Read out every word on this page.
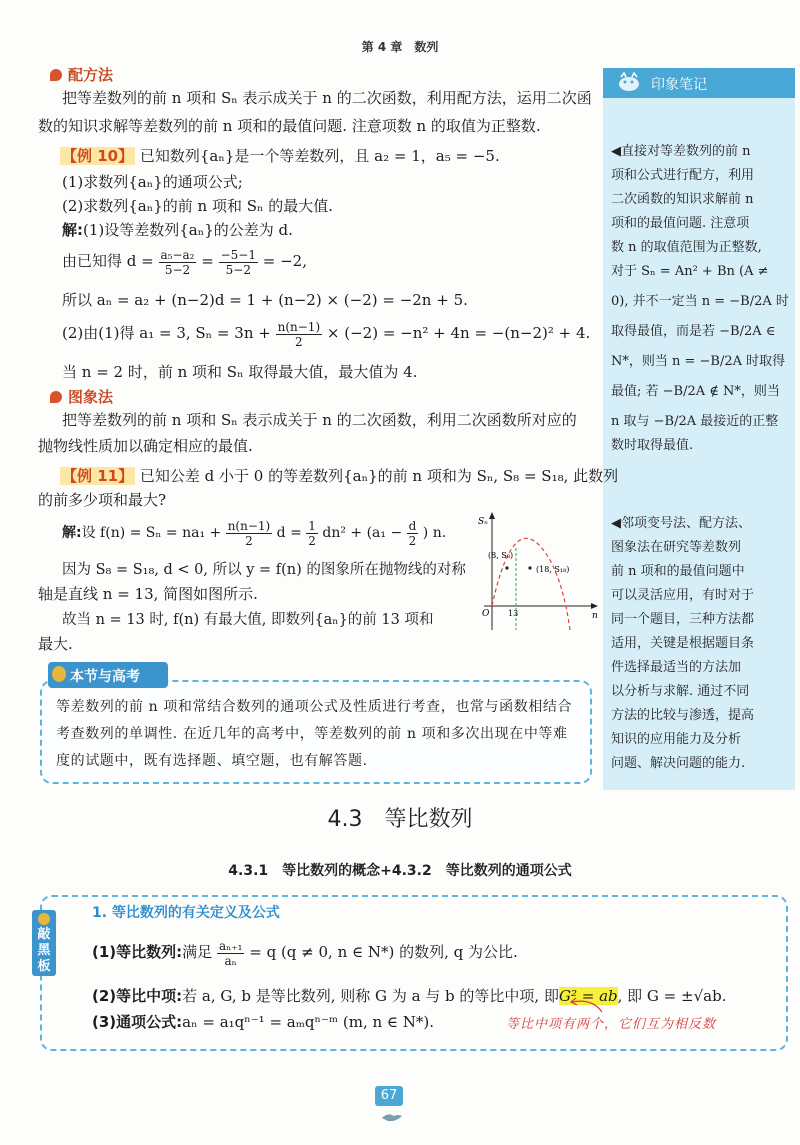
第 4 章　数列
印象笔记
◀直接对等差数列的前 n
项和公式进行配方，利用
二次函数的知识求解前 n
项和的最值问题. 注意项
数 n 的取值范围为正整数,
对于 Sₙ = An² + Bn (A ≠
0), 并不一定当 n = −B/2A 时
取得最值，而是若 −B/2A ∈
N*，则当 n = −B/2A 时取得
最值; 若 −B/2A ∉ N*，则当
n 取与 −B/2A 最接近的正整
数时取得最值.
◀邻项变号法、配方法、
图象法在研究等差数列
前 n 项和的最值问题中
可以灵活应用，有时对于
同一个题目，三种方法都
适用，关键是根据题目条
件选择最适当的方法加
以分析与求解. 通过不同
方法的比较与渗透，提高
知识的应用能力及分析
问题、解决问题的能力.
配方法
把等差数列的前 n 项和 Sₙ 表示成关于 n 的二次函数，利用配方法，运用二次函
数的知识求解等差数列的前 n 项和的最值问题. 注意项数 n 的取值为正整数.
【例 10】 已知数列{aₙ}是一个等差数列，且 a₂ = 1，a₅ = −5.
(1)求数列{aₙ}的通项公式;
(2)求数列{aₙ}的前 n 项和 Sₙ 的最大值.
解:(1)设等差数列{aₙ}的公差为 d.
由已知得 $d = \frac{\text{a₅−a₂}}{5-2} = \frac{-5-1}{5-2} = -2$,
所以 aₙ = a₂ + (n−2)d = 1 + (n−2) × (−2) = −2n + 5.
(2)由(1)得 a₁ = 3, $S_n = 3n + \frac{n(n-1)}{2} \times (-2) = -n^2 + 4n = -(n-2)^2 + 4$.
当 n = 2 时，前 n 项和 Sₙ 取得最大值，最大值为 4.
图象法
把等差数列的前 n 项和 Sₙ 表示成关于 n 的二次函数，利用二次函数所对应的
抛物线性质加以确定相应的最值.
【例 11】 已知公差 d 小于 0 的等差数列{aₙ}的前 n 项和为 Sₙ, S₈ = S₁₈, 此数列
的前多少项和最大?
解:设 $f(n) = S_n = na_1 + \frac{n(n-1)}{2}$ $d = \frac{1}{2} dn^2 + (a_1 - \frac{d}{2}$ ) n.
因为 S₈ = S₁₈, d < 0, 所以 y = f(n) 的图象所在抛物线的对称
轴是直线 n = 13, 简图如图所示.
故当 n = 13 时, f(n) 有最大值, 即数列{aₙ}的前 13 项和
最大.
Sₙ
n
O 13
(8, S₈)
(18, S₁₈)
本节与高考
等差数列的前 n 项和常结合数列的通项公式及性质进行考查，也常与函数相结合考查数列的单调性. 在近几年的高考中，等差数列的前 n 项和多次出现在中等难度的试题中，既有选择题、填空题，也有解答题.
4.3　等比数列
4.3.1　等比数列的概念+4.3.2　等比数列的通项公式
敲黑板
1. 等比数列的有关定义及公式
(1)等比数列:满足 $\frac{\text{aₙ₊₁}}{\text{aₙ}} = q$ (q ≠ 0, n ∈ N*) 的数列, q 为公比.
(2)等比中项:若 a, G, b 是等比数列, 则称 G 为 a 与 b 的等比中项, 即G² = ab, 即 G = ±√ab.
(3)通项公式:aₙ = a₁qⁿ⁻¹ = aₘqⁿ⁻ᵐ (m, n ∈ N*).	等比中项有两个，它们互为相反数
67
